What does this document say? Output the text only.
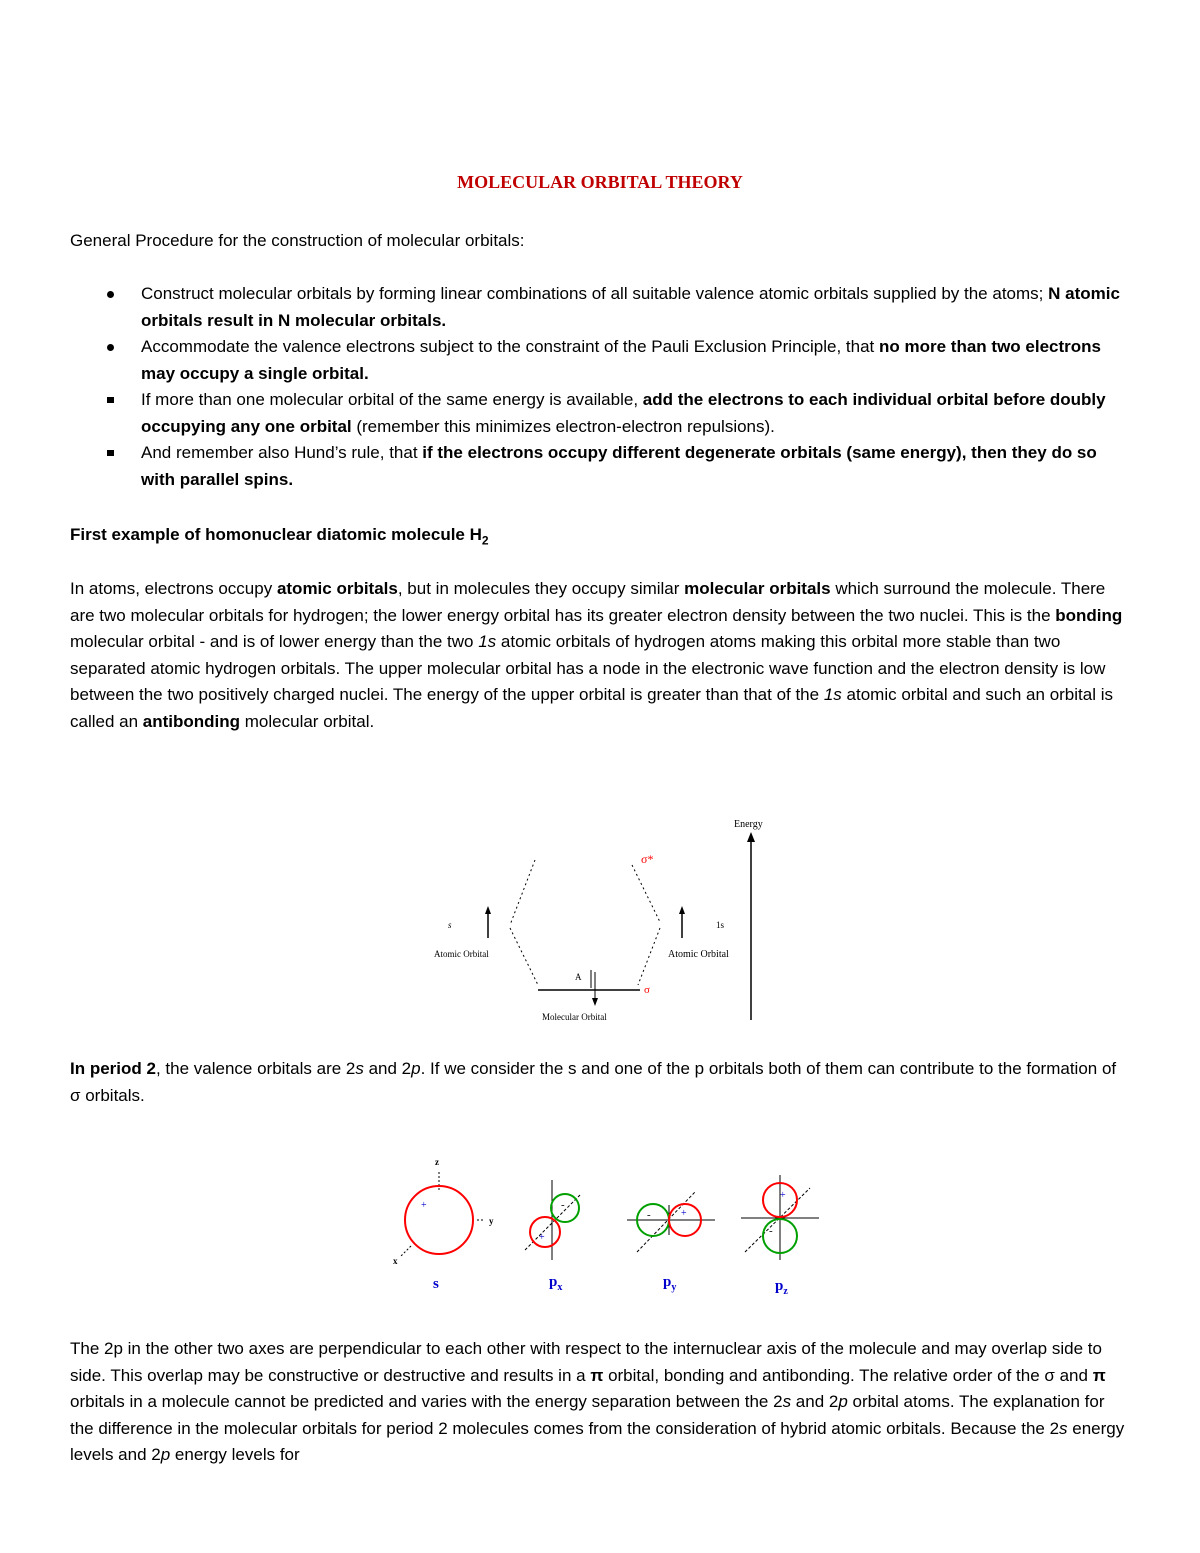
MOLECULAR ORBITAL THEORY
General Procedure for the construction of molecular orbitals:
Construct molecular orbitals by forming linear combinations of all suitable valence atomic orbitals supplied by the atoms; N atomic orbitals result in N molecular orbitals.
Accommodate the valence electrons subject to the constraint of the Pauli Exclusion Principle, that no more than two electrons may occupy a single orbital.
If more than one molecular orbital of the same energy is available, add the electrons to each individual orbital before doubly occupying any one orbital (remember this minimizes electron-electron repulsions).
And remember also Hund’s rule, that if the electrons occupy different degenerate orbitals (same energy), then they do so with parallel spins.
First example of homonuclear diatomic molecule $H_2$
In atoms, electrons occupy atomic orbitals, but in molecules they occupy similar molecular orbitals which surround the molecule. There are two molecular orbitals for hydrogen; the lower energy orbital has its greater electron density between the two nuclei. This is the bonding molecular orbital - and is of lower energy than the two 1s atomic orbitals of hydrogen atoms making this orbital more stable than two separated atomic hydrogen orbitals. The upper molecular orbital has a node in the electronic wave function and the electron density is low between the two positively charged nuclei. The energy of the upper orbital is greater than that of the 1s atomic orbital and such an orbital is called an antibonding molecular orbital.
In period 2, the valence orbitals are 2s and 2p. If we consider the s and one of the p orbitals both of them can contribute to the formation of σ orbitals.
The 2p in the other two axes are perpendicular to each other with respect to the internuclear axis of the molecule and may overlap side to side. This overlap may be constructive or destructive and results in a π orbital, bonding and antibonding. The relative order of the σ and π orbitals in a molecule cannot be predicted and varies with the energy separation between the 2s and 2p orbital atoms. The explanation for the difference in the molecular orbitals for period 2 molecules comes from the consideration of hybrid atomic orbitals. Because the 2s energy levels and 2p energy levels for
Energy
σ*
s
Atomic Orbital
1s
Atomic Orbital
A
σ
Molecular Orbital
z
+
y
x
s
-
+
$p_x$
-	+
$p_y$
+
-
$p_z$
